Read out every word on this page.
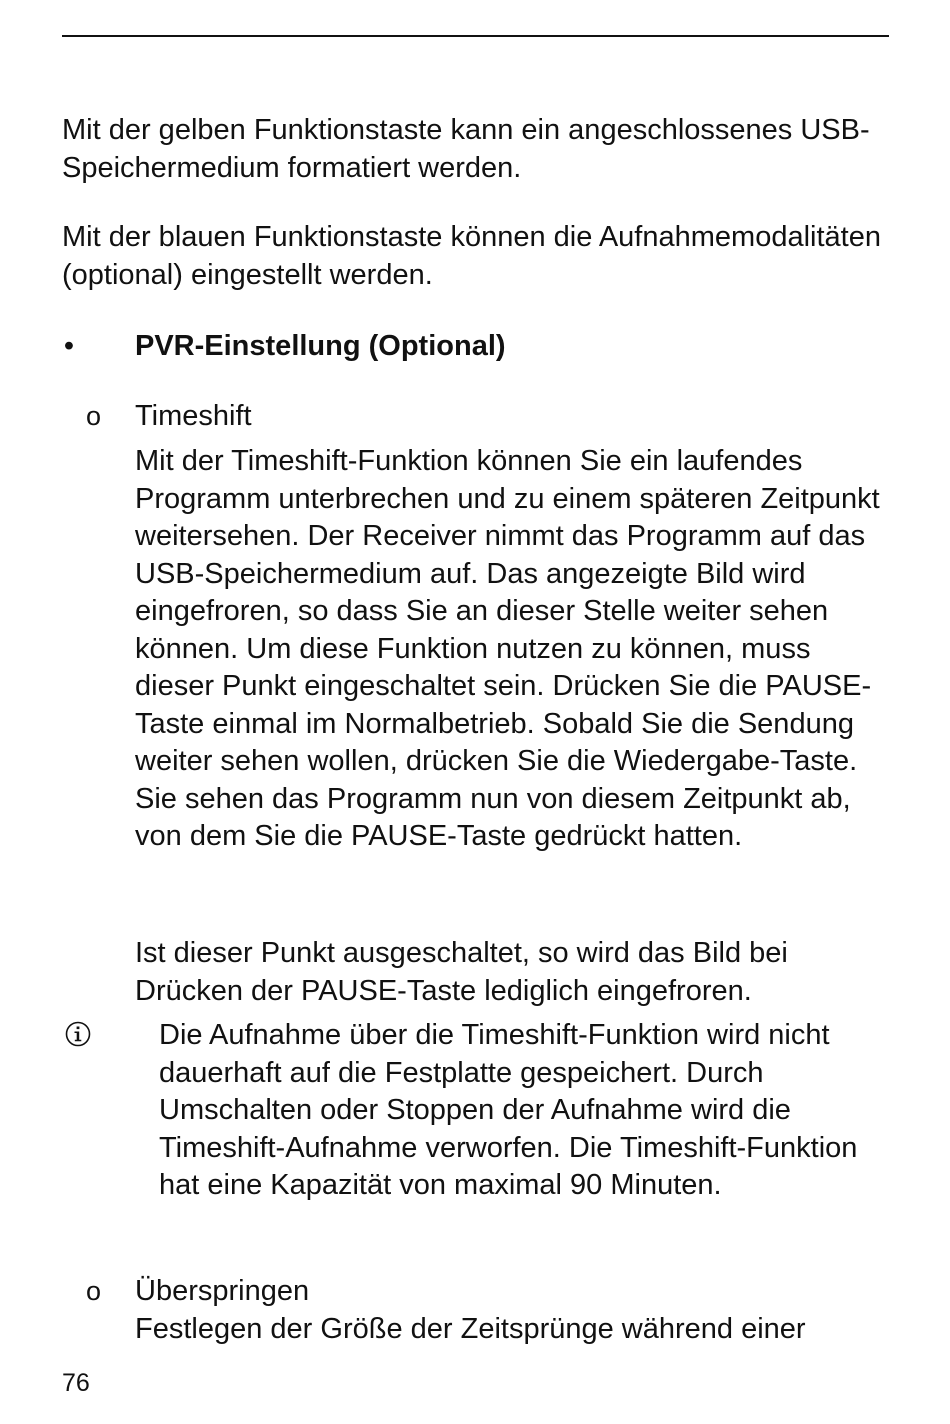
Mit der gelben Funktionstaste kann ein angeschlossenes USB-Speichermedium formatiert werden.

Mit der blauen Funktionstaste können die Aufnahmemodalitäten (optional) eingestellt werden.

• PVR-Einstellung (Optional)
o Timeshift

Mit der Timeshift-Funktion können Sie ein laufendes Programm unterbrechen und zu einem späteren Zeitpunkt weitersehen. Der Receiver nimmt das Programm auf das USB-Speichermedium auf. Das angezeigte Bild wird eingefroren, so dass Sie an dieser Stelle weiter sehen können. Um diese Funktion nutzen zu können, muss dieser Punkt eingeschaltet sein. Drücken Sie die PAUSE-Taste einmal im Normalbetrieb. Sobald Sie die Sendung weiter sehen wollen, drücken Sie die Wiedergabe-Taste. Sie sehen das Programm nun von diesem Zeitpunkt ab, von dem Sie die PAUSE-Taste gedrückt hatten.

Ist dieser Punkt ausgeschaltet, so wird das Bild bei Drücken der PAUSE-Taste lediglich eingefroren.

Die Aufnahme über die Timeshift-Funktion wird nicht dauerhaft auf die Festplatte gespeichert. Durch Umschalten oder Stoppen der Aufnahme wird die Timeshift-Aufnahme verworfen. Die Timeshift-Funktion hat eine Kapazität von maximal 90 Minuten.

o Überspringen

Festlegen der Größe der Zeitsprünge während einer

76
